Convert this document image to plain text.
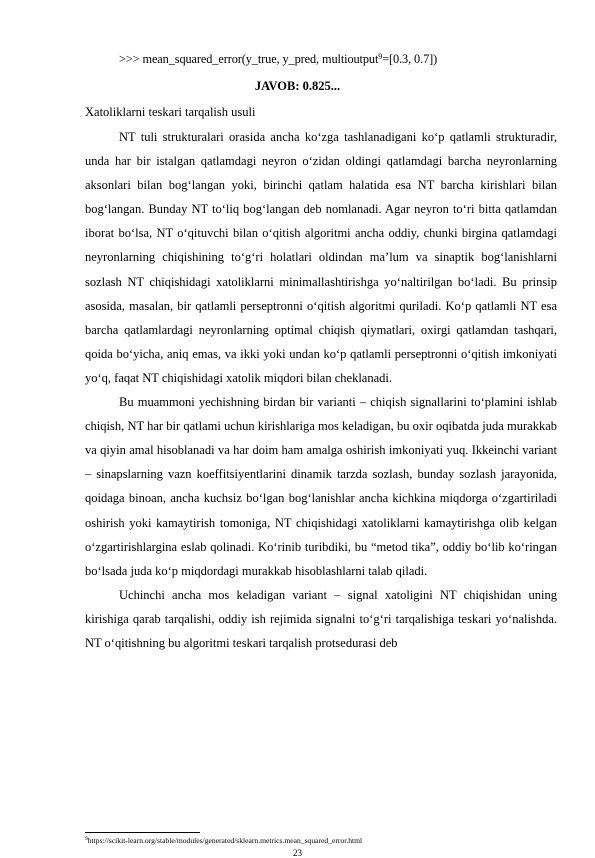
>>> mean_squared_error(y_true, y_pred, multioutput$^9$=[0.3, 0.7])
JAVOB: 0.825...
Xatoliklarni teskari tarqalish usuli

NT tuli strukturalari orasida ancha ko‘zga tashlanadigani ko‘p qatlamli strukturadir, unda har bir istalgan qatlamdagi neyron o‘zidan oldingi qatlamdagi barcha neyronlarning aksonlari bilan bog‘langan yoki, birinchi qatlam halatida esa NT barcha kirishlari bilan bog‘langan. Bunday NT to‘liq bog‘langan deb nomlanadi. Agar neyron to‘ri bitta qatlamdan iborat bo‘lsa, NT o‘qituvchi bilan o‘qitish algoritmi ancha oddiy, chunki birgina qatlamdagi neyronlarning chiqishining to‘g‘ri holatlari oldindan ma’lum va sinaptik bog‘lanishlarni sozlash NT chiqishidagi xatoliklarni minimallashtirishga yo‘naltirilgan bo‘ladi. Bu prinsip asosida, masalan, bir qatlamli perseptronni o‘qitish algoritmi quriladi. Ko‘p qatlamli NT esa barcha qatlamlardagi neyronlarning optimal chiqish qiymatlari, oxirgi qatlamdan tashqari, qoida bo‘yicha, aniq emas, va ikki yoki undan ko‘p qatlamli perseptronni o‘qitish imkoniyati yo‘q, faqat NT chiqishidagi xatolik miqdori bilan cheklanadi.

Bu muammoni yechishning birdan bir varianti – chiqish signallarini to‘plamini ishlab chiqish, NT har bir qatlami uchun kirishlariga mos keladigan, bu oxir oqibatda juda murakkab va qiyin amal hisoblanadi va har doim ham amalga oshirish imkoniyati yuq. Ikkeinchi variant – sinapslarning vazn koeffitsiyentlarini dinamik tarzda sozlash, bunday sozlash jarayonida, qoidaga binoan, ancha kuchsiz bo‘lgan bog‘lanishlar ancha kichkina miqdorga o‘zgartiriladi oshirish yoki kamaytirish tomoniga, NT chiqishidagi xatoliklarni kamaytirishga olib kelgan o‘zgartirishlargina eslab qolinadi. Ko‘rinib turibdiki, bu “metod tika”, oddiy bo‘lib ko‘ringan bo‘lsada juda ko‘p miqdordagi murakkab hisoblashlarni talab qiladi.

Uchinchi ancha mos keladigan variant – signal xatoligini NT chiqishidan uning kirishiga qarab tarqalishi, oddiy ish rejimida signalni to‘g‘ri tarqalishiga teskari yo‘nalishda. NT o‘qitishning bu algoritmi teskari tarqalish protsedurasi deb

$^9$https://scikit-learn.org/stable/modules/generated/sklearn.metrics.mean_squared_error.html
23
